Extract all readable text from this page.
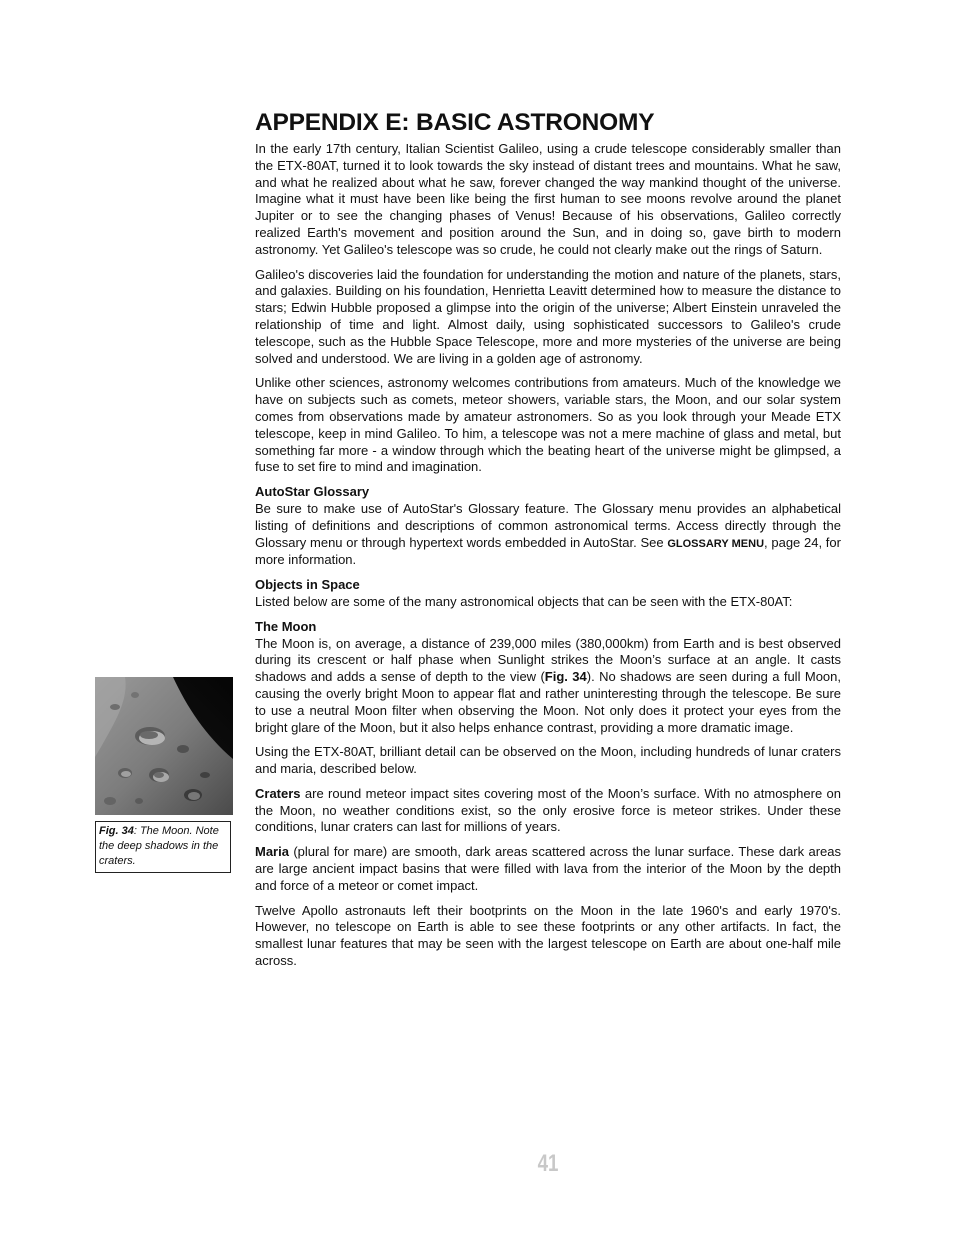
APPENDIX E: BASIC ASTRONOMY

In the early 17th century, Italian Scientist Galileo, using a crude telescope considerably smaller than the ETX-80AT, turned it to look towards the sky instead of distant trees and mountains. What he saw, and what he realized about what he saw, forever changed the way mankind thought of the universe. Imagine what it must have been like being the first human to see moons revolve around the planet Jupiter or to see the changing phases of Venus! Because of his observations, Galileo correctly realized Earth's movement and position around the Sun, and in doing so, gave birth to modern astronomy. Yet Galileo's telescope was so crude, he could not clearly make out the rings of Saturn.

Galileo's discoveries laid the foundation for understanding the motion and nature of the planets, stars, and galaxies. Building on his foundation, Henrietta Leavitt determined how to measure the distance to stars; Edwin Hubble proposed a glimpse into the origin of the universe; Albert Einstein unraveled the relationship of time and light. Almost daily, using sophisticated successors to Galileo's crude telescope, such as the Hubble Space Telescope, more and more mysteries of the universe are being solved and understood. We are living in a golden age of astronomy.

Unlike other sciences, astronomy welcomes contributions from amateurs. Much of the knowledge we have on subjects such as comets, meteor showers, variable stars, the Moon, and our solar system comes from observations made by amateur astronomers. So as you look through your Meade ETX telescope, keep in mind Galileo. To him, a telescope was not a mere machine of glass and metal, but something far more - a window through which the beating heart of the universe might be glimpsed, a fuse to set fire to mind and imagination.

AutoStar Glossary
Be sure to make use of AutoStar's Glossary feature. The Glossary menu provides an alphabetical listing of definitions and descriptions of common astronomical terms. Access directly through the Glossary menu or through hypertext words embedded in AutoStar. See GLOSSARY MENU, page 24, for more information.

Objects in Space
Listed below are some of the many astronomical objects that can be seen with the ETX-80AT:

The Moon
The Moon is, on average, a distance of 239,000 miles (380,000km) from Earth and is best observed during its crescent or half phase when Sunlight strikes the Moon’s surface at an angle. It casts shadows and adds a sense of depth to the view (Fig. 34). No shadows are seen during a full Moon, causing the overly bright Moon to appear flat and rather uninteresting through the telescope. Be sure to use a neutral Moon filter when observing the Moon. Not only does it protect your eyes from the bright glare of the Moon, but it also helps enhance contrast, providing a more dramatic image.

Using the ETX-80AT, brilliant detail can be observed on the Moon, including hundreds of lunar craters and maria, described below.

Craters are round meteor impact sites covering most of the Moon’s surface. With no atmosphere on the Moon, no weather conditions exist, so the only erosive force is meteor strikes. Under these conditions, lunar craters can last for millions of years.

Maria (plural for mare) are smooth, dark areas scattered across the lunar surface. These dark areas are large ancient impact basins that were filled with lava from the interior of the Moon by the depth and force of a meteor or comet impact.

Twelve Apollo astronauts left their bootprints on the Moon in the late 1960's and early 1970's. However, no telescope on Earth is able to see these footprints or any other artifacts. In fact, the smallest lunar features that may be seen with the largest telescope on Earth are about one-half mile across.

Fig. 34: The Moon. Note the deep shadows in the craters.
41
